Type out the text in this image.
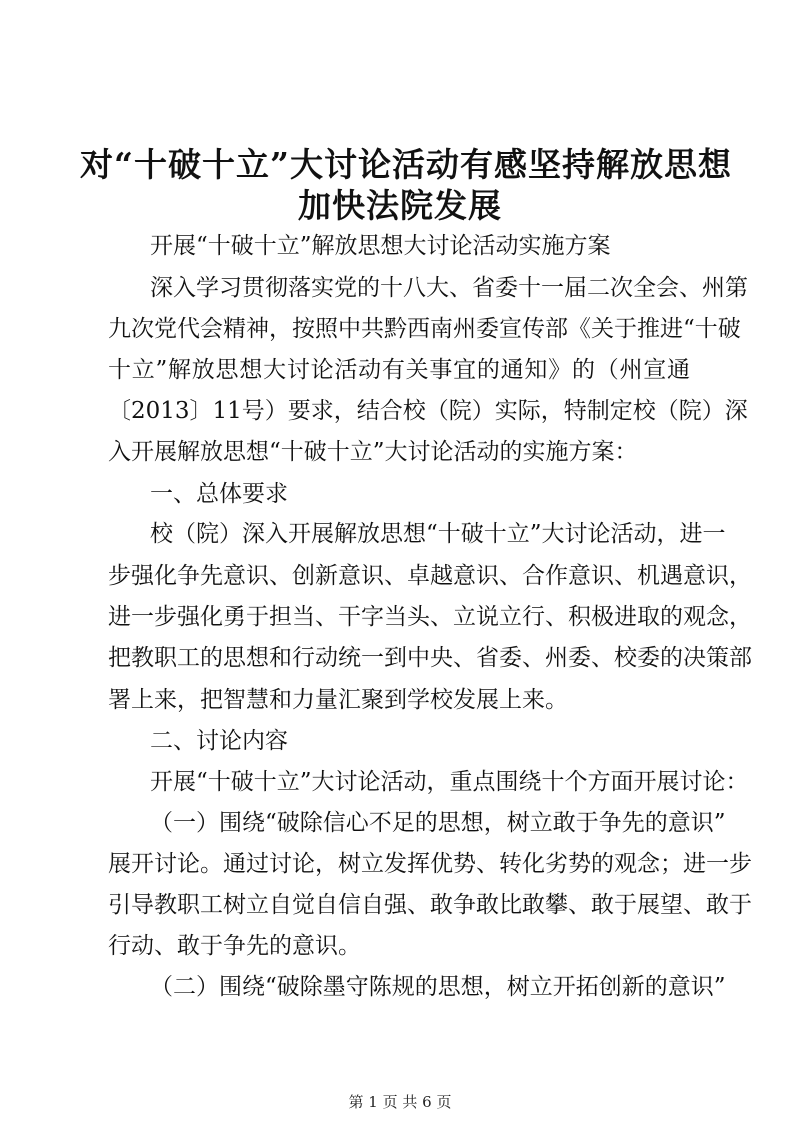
对“十破十立”大讨论活动有感坚持解放思想
加快法院发展
开展“十破十立”解放思想大讨论活动实施方案
深入学习贯彻落实党的十八大、省委十一届二次全会、州第
九次党代会精神，按照中共黔西南州委宣传部《关于推进“十破
十立”解放思想大讨论活动有关事宜的通知》的（州宣通
〔2013〕11号）要求，结合校（院）实际，特制定校（院）深
入开展解放思想“十破十立”大讨论活动的实施方案：
一、总体要求
校（院）深入开展解放思想“十破十立”大讨论活动，进一
步强化争先意识、创新意识、卓越意识、合作意识、机遇意识，
进一步强化勇于担当、干字当头、立说立行、积极进取的观念，
把教职工的思想和行动统一到中央、省委、州委、校委的决策部
署上来，把智慧和力量汇聚到学校发展上来。
二、讨论内容
开展“十破十立”大讨论活动，重点围绕十个方面开展讨论：
（一）围绕“破除信心不足的思想，树立敢于争先的意识”
展开讨论。通过讨论，树立发挥优势、转化劣势的观念；进一步
引导教职工树立自觉自信自强、敢争敢比敢攀、敢于展望、敢于
行动、敢于争先的意识。
（二）围绕“破除墨守陈规的思想，树立开拓创新的意识”
第 1 页 共 6 页
